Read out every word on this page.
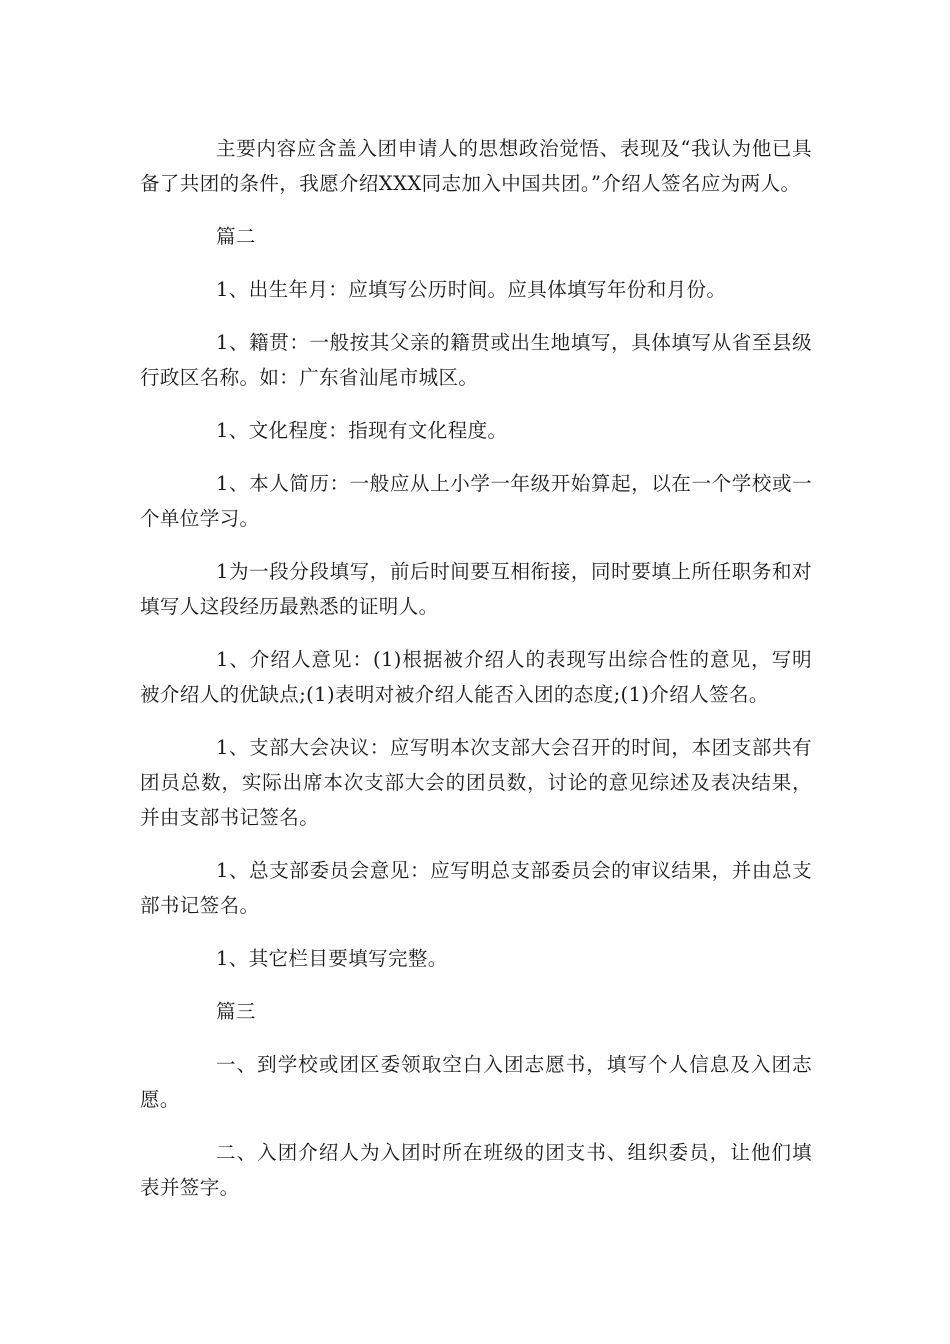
主要内容应含盖入团申请人的思想政治觉悟、表现及“我认为他已具备了共团的条件，我愿介绍XXX同志加入中国共团。”介绍人签名应为两人。

篇二

1、出生年月：应填写公历时间。应具体填写年份和月份。

1、籍贯：一般按其父亲的籍贯或出生地填写，具体填写从省至县级行政区名称。如：广东省汕尾市城区。

1、文化程度：指现有文化程度。

1、本人简历：一般应从上小学一年级开始算起，以在一个学校或一个单位学习。

1为一段分段填写，前后时间要互相衔接，同时要填上所任职务和对填写人这段经历最熟悉的证明人。

1、介绍人意见：(1)根据被介绍人的表现写出综合性的意见，写明被介绍人的优缺点;(1)表明对被介绍人能否入团的态度;(1)介绍人签名。

1、支部大会决议：应写明本次支部大会召开的时间，本团支部共有团员总数，实际出席本次支部大会的团员数，讨论的意见综述及表决结果，并由支部书记签名。

1、总支部委员会意见：应写明总支部委员会的审议结果，并由总支部书记签名。

1、其它栏目要填写完整。

篇三

一、到学校或团区委领取空白入团志愿书，填写个人信息及入团志愿。

二、入团介绍人为入团时所在班级的团支书、组织委员，让他们填表并签字。
